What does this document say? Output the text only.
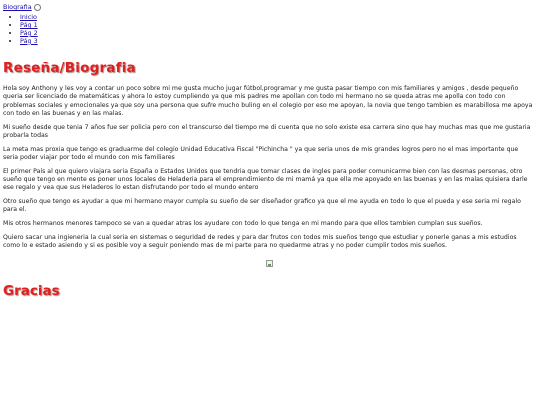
Biografia
• Inicio
• Pág 1
• Pág 2
• Pág 3
Reseña/Biografia

Hola soy Anthony y les voy a contar un poco sobre mi me gusta mucho jugar fútbol,programar y me gusta pasar tiempo con mis familiares y amigos , desde pequeño queria ser licenciado de matemáticas y ahora lo estoy cumpliendo ya que mis padres me apollan con todo mi hermano no se queda atras me apolla con todo con problemas sociales y emocionales ya que soy una persona que sufre mucho buling en el colegio por eso me apoyan, la novia que tengo tambien es marabillosa me apoya con todo en las buenas y en las malas.

Mi sueño desde que tenia 7 años fue ser policia pero con el transcurso del tiempo me di cuenta que no solo existe esa carrera sino que hay muchas mas que me gustaria probarla todas

La meta mas proxia que tengo es graduarme del colegio Unidad Educativa Fiscal "Pichincha " ya que seria unos de mis grandes logros pero no el mas importante que seria poder viajar por todo el mundo con mis familiares

El primer País al que quiero viajara seria España o Estados Unidos que tendria que tomar clases de ingles para poder comunicarme bien con las desmas personas, otro sueño que tengo en mente es poner unos locales de Heladeria para el emprendimiento de mi mamá ya que ella me apoyado en las buenas y en las malas quisiera darle ese regalo y vea que sus Heladeros lo estan disfrutando por todo el mundo entero

Otro sueño que tengo es ayudar a que mi hermano mayor cumpla su sueño de ser diseñador grafico ya que el me ayuda en todo lo que el pueda y ese seria mi regalo para el.

Mis otros hermanos menores tampoco se van a quedar atras los ayudare con todo lo que tenga en mi mando para que ellos tambien cumplan sus sueños.

Quiero sacar una ingieneria la cual seria en sistemas o seguridad de redes y para dar frutos con todos mis sueños tengo que estudiar y ponerle ganas a mis estudios como lo e estado asiendo y si es posible voy a seguir poniendo mas de mi parte para no quedarme atras y no poder cumplir todos mis sueños.

Gracias
